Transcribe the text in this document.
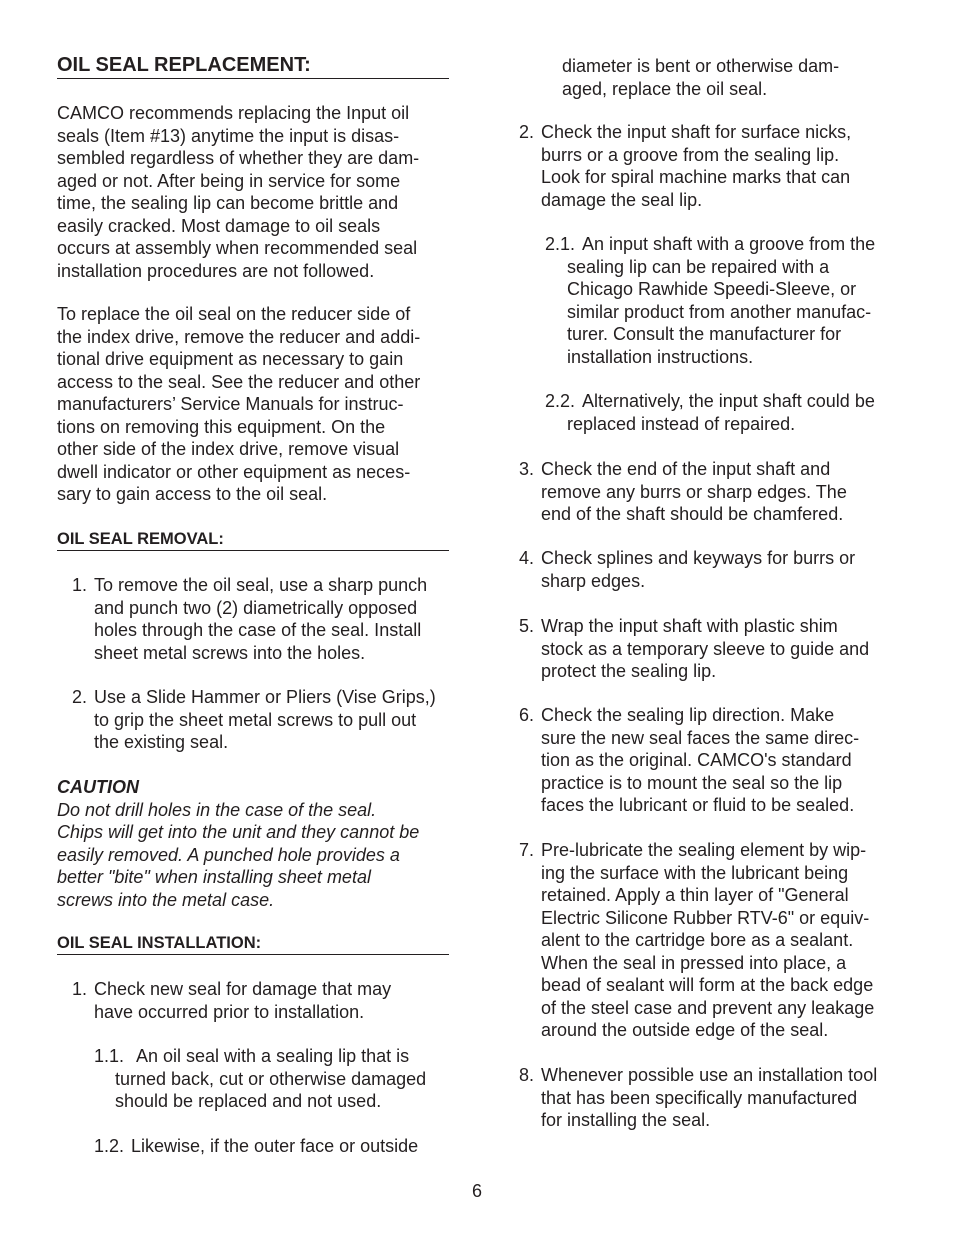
OIL SEAL REPLACEMENT:
CAMCO recommends replacing the Input oil
seals (Item #13) anytime the input is disas-
sembled regardless of whether they are dam-
aged or not. After being in service for some
time, the sealing lip can become brittle and
easily cracked. Most damage to oil seals
occurs at assembly when recommended seal
installation procedures are not followed.
To replace the oil seal on the reducer side of
the index drive, remove the reducer and addi-
tional drive equipment as necessary to gain
access to the seal. See the reducer and other
manufacturers’ Service Manuals for instruc-
tions on removing this equipment. On the
other side of the index drive, remove visual
dwell indicator or other equipment as neces-
sary to gain access to the oil seal.
OIL SEAL REMOVAL:
1. To remove the oil seal, use a sharp punch
and punch two (2) diametrically opposed
holes through the case of the seal. Install
sheet metal screws into the holes.
2. Use a Slide Hammer or Pliers (Vise Grips,)
to grip the sheet metal screws to pull out
the existing seal.
CAUTION
Do not drill holes in the case of the seal.
Chips will get into the unit and they cannot be
easily removed. A punched hole provides a
better "bite" when installing sheet metal
screws into the metal case.
OIL SEAL INSTALLATION:
1. Check new seal for damage that may
have occurred prior to installation.
1.1. An oil seal with a sealing lip that is
turned back, cut or otherwise damaged
should be replaced and not used.
1.2. Likewise, if the outer face or outside
diameter is bent or otherwise dam-
aged, replace the oil seal.
2. Check the input shaft for surface nicks,
burrs or a groove from the sealing lip.
Look for spiral machine marks that can
damage the seal lip.
2.1. An input shaft with a groove from the
sealing lip can be repaired with a
Chicago Rawhide Speedi-Sleeve, or
similar product from another manufac-
turer. Consult the manufacturer for
installation instructions.
2.2. Alternatively, the input shaft could be
replaced instead of repaired.
3. Check the end of the input shaft and
remove any burrs or sharp edges. The
end of the shaft should be chamfered.
4. Check splines and keyways for burrs or
sharp edges.
5. Wrap the input shaft with plastic shim
stock as a temporary sleeve to guide and
protect the sealing lip.
6. Check the sealing lip direction. Make
sure the new seal faces the same direc-
tion as the original. CAMCO's standard
practice is to mount the seal so the lip
faces the lubricant or fluid to be sealed.
7. Pre-lubricate the sealing element by wip-
ing the surface with the lubricant being
retained. Apply a thin layer of "General
Electric Silicone Rubber RTV-6" or equiv-
alent to the cartridge bore as a sealant.
When the seal in pressed into place, a
bead of sealant will form at the back edge
of the steel case and prevent any leakage
around the outside edge of the seal.
8. Whenever possible use an installation tool
that has been specifically manufactured
for installing the seal.
6
